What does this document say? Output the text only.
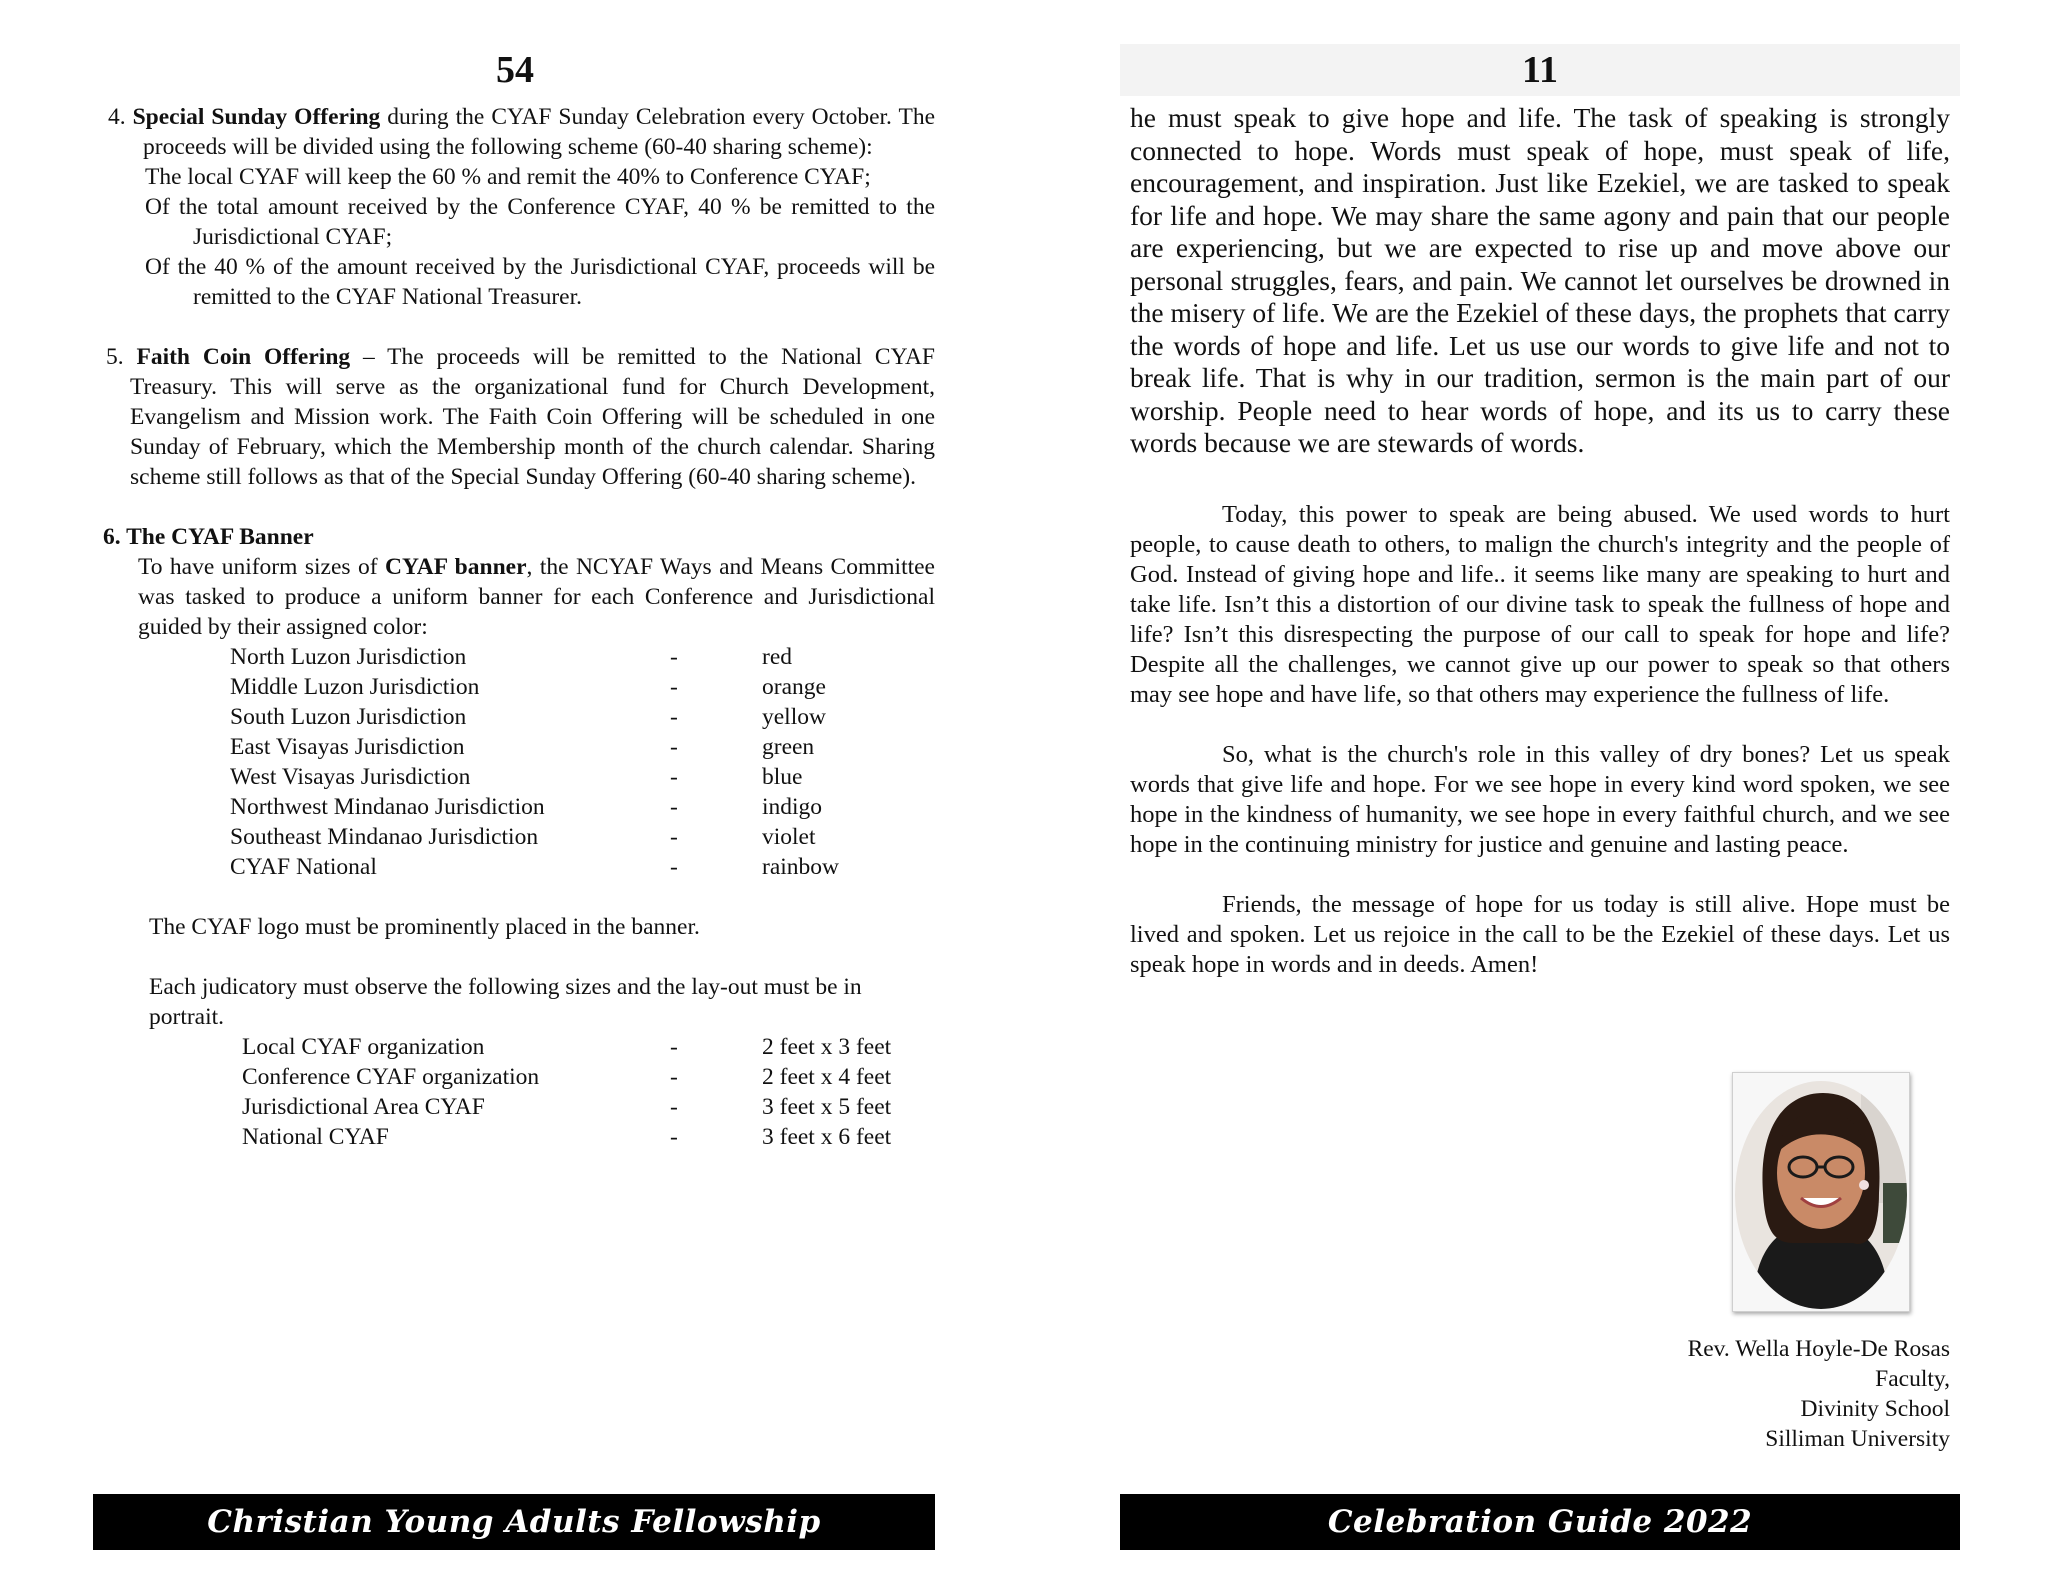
54
4. Special Sunday Offering during the CYAF Sunday Celebration every October. The proceeds will be divided using the following scheme (60-40 sharing scheme):
The local CYAF will keep the 60 % and remit the 40% to Conference CYAF;
Of the total amount received by the Conference CYAF, 40 % be remitted to the Jurisdictional CYAF;
Of the 40 % of the amount received by the Jurisdictional CYAF, proceeds will be remitted to the CYAF National Treasurer.
5. Faith Coin Offering – The proceeds will be remitted to the National CYAF Treasury. This will serve as the organizational fund for Church Development, Evangelism and Mission work. The Faith Coin Offering will be scheduled in one Sunday of February, which the Membership month of the church calendar. Sharing scheme still follows as that of the Special Sunday Offering (60-40 sharing scheme).
6. The CYAF Banner
To have uniform sizes of CYAF banner, the NCYAF Ways and Means Committee was tasked to produce a uniform banner for each Conference and Jurisdictional guided by their assigned color:
North Luzon Jurisdiction	-	red
Middle Luzon Jurisdiction	-	orange
South Luzon Jurisdiction	-	yellow
East Visayas Jurisdiction	-	green
West Visayas Jurisdiction	-	blue
Northwest Mindanao Jurisdiction	-	indigo
Southeast Mindanao Jurisdiction	-	violet
CYAF National	-	rainbow
The CYAF logo must be prominently placed in the banner.
Each judicatory must observe the following sizes and the lay-out must be in portrait.
Local CYAF organization	-	2 feet x 3 feet
Conference CYAF organization	-	2 feet x 4 feet
Jurisdictional Area CYAF	-	3 feet x 5 feet
National CYAF	-	3 feet x 6 feet
Christian Young Adults Fellowship
11

he must speak to give hope and life. The task of speaking is strongly connected to hope. Words must speak of hope, must speak of life, encouragement, and inspiration. Just like Ezekiel, we are tasked to speak for life and hope. We may share the same agony and pain that our people are experiencing, but we are expected to rise up and move above our personal struggles, fears, and pain. We cannot let ourselves be drowned in the misery of life. We are the Ezekiel of these days, the prophets that carry the words of hope and life. Let us use our words to give life and not to break life. That is why in our tradition, sermon is the main part of our worship. People need to hear words of hope, and its us to carry these words because we are stewards of words.

Today, this power to speak are being abused. We used words to hurt people, to cause death to others, to malign the church's integrity and the people of God. Instead of giving hope and life.. it seems like many are speaking to hurt and take life. Isn’t this a distortion of our divine task to speak the fullness of hope and life? Isn’t this disrespecting the purpose of our call to speak for hope and life? Despite all the challenges, we cannot give up our power to speak so that others may see hope and have life, so that others may experience the fullness of life.

So, what is the church's role in this valley of dry bones? Let us speak words that give life and hope. For we see hope in every kind word spoken, we see hope in the kindness of humanity, we see hope in every faithful church, and we see hope in the continuing ministry for justice and genuine and lasting peace.

Friends, the message of hope for us today is still alive. Hope must be lived and spoken. Let us rejoice in the call to be the Ezekiel of these days. Let us speak hope in words and in deeds. Amen!

Rev. Wella Hoyle-De Rosas
Faculty,
Divinity School
Silliman University
Celebration Guide 2022
